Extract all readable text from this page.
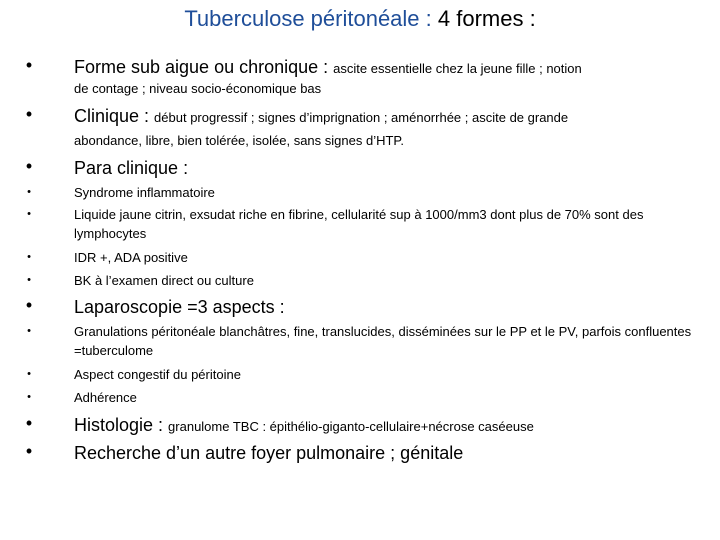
Tuberculose péritonéale : 4 formes :
•	Forme sub aigue ou chronique : ascite essentielle chez la jeune fille ; notion
de contage ; niveau socio-économique bas
•	Clinique : début progressif ; signes d’imprignation ; aménorrhée ; ascite de grande
abondance, libre, bien tolérée, isolée, sans signes d’HTP.
•	Para clinique :
•	Syndrome inflammatoire
•	Liquide jaune citrin, exsudat riche en fibrine, cellularité sup à 1000/mm3 dont plus de 70% sont des lymphocytes
•	IDR +, ADA positive
•	BK à l’examen direct ou culture
•	Laparoscopie =3 aspects :
•	Granulations péritonéale blanchâtres, fine, translucides, disséminées sur le PP et le PV, parfois confluentes =tuberculome
•	Aspect congestif du péritoine
•	Adhérence
•	Histologie : granulome TBC : épithélio-giganto-cellulaire+nécrose caséeuse
•	Recherche d’un autre foyer pulmonaire ; génitale
